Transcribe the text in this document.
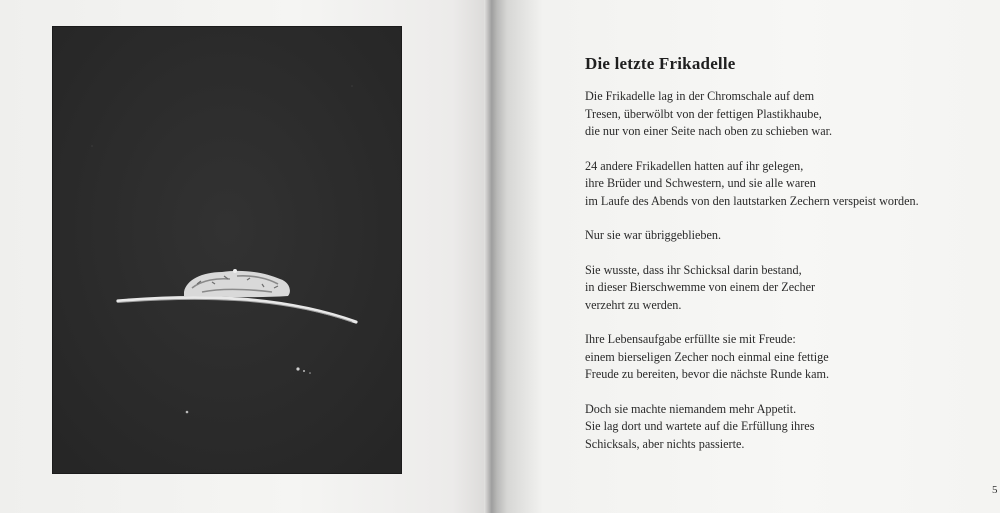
Die letzte Frikadelle
Die Frikadelle lag in der Chromschale auf dem
Tresen, überwölbt von der fettigen Plastikhaube,
die nur von einer Seite nach oben zu schieben war.
24 andere Frikadellen hatten auf ihr gelegen,
ihre Brüder und Schwestern, und sie alle waren
im Laufe des Abends von den lautstarken Zechern verspeist worden.
Nur sie war übriggeblieben.
Sie wusste, dass ihr Schicksal darin bestand,
in dieser Bierschwemme von einem der Zecher
verzehrt zu werden.
Ihre Lebensaufgabe erfüllte sie mit Freude:
einem bierseligen Zecher noch einmal eine fettige
Freude zu bereiten, bevor die nächste Runde kam.
Doch sie machte niemandem mehr Appetit.
Sie lag dort und wartete auf die Erfüllung ihres
Schicksals, aber nichts passierte.
5
